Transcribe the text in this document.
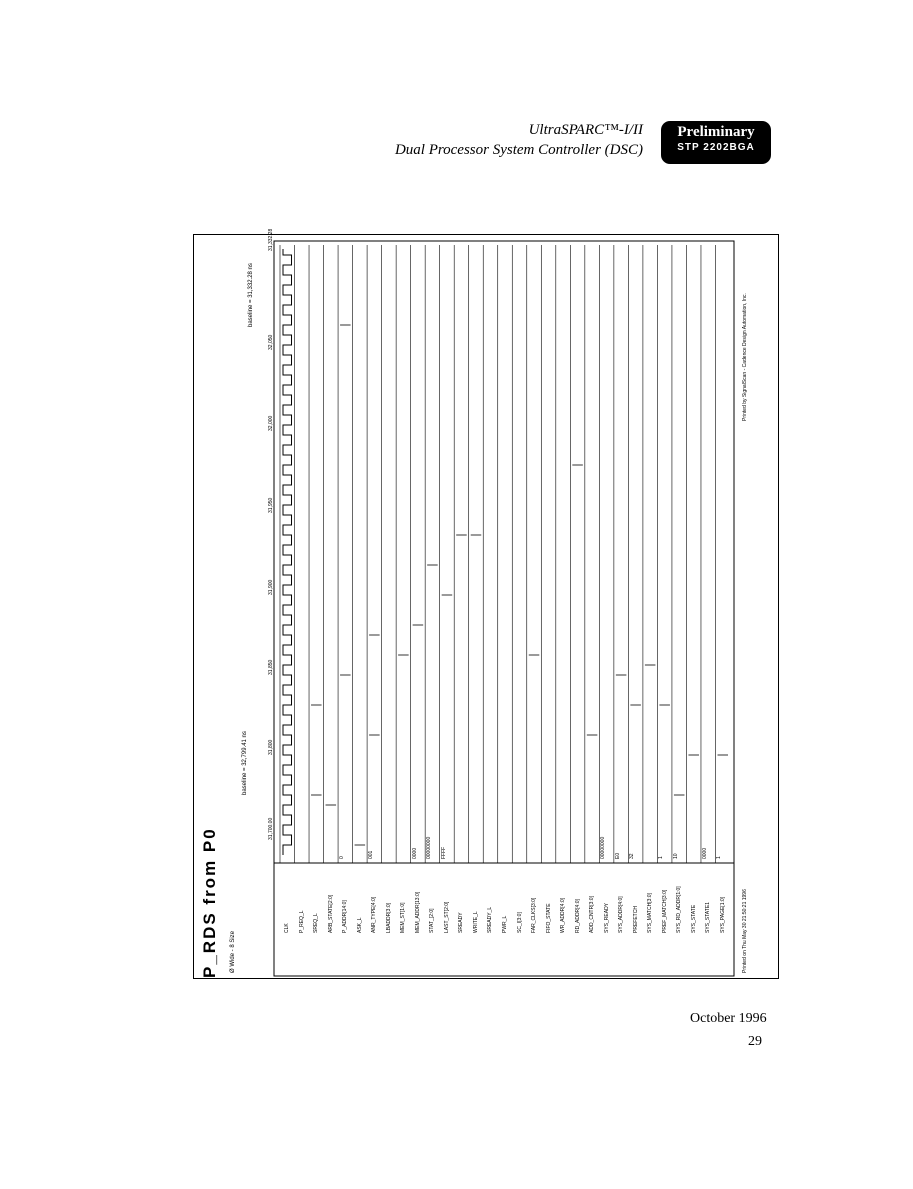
UltraSPARC™-I/II
Dual Processor System Controller (DSC)
Preliminary
STP 2202BGA
P_RDS from P0 Ø Wide - 8 Size
baseline = 32,799.41 ns
baseline = 31,332.28 ns
31,700.00
31,800
31,850
31,900
31,950
32,000
32,050
31,332.28
CLK P_REQ_L SREQ_L ARB_STATE[2:0] P_ADDR[14:0] ASK_L ANR_TYPE[4:0] LBADDR[3:0] MEM_ST[1:0] MEM_ADDR[13:0] STAT_[2:0] LAST_ST[2:0] SREADY WRITE_L SREADY_L PWR_L SC_I[3:0] FAR_CLKS[3:0] FIFO_STATE WR_ADDR[4:0] RD_ADDR[4:0] ADD_CNTR[3:0] SYS_READY SYS_ADDR[4:0] PREFETCH SYS_MATCH[3:0] PREF_MATCH[3:0] SYS_RD_ADDR[1:0] SYS_STATE SYS_STATE1 SYS_PAGE[1:0]
0	001	0000 00000000 FFFF	00000000 E0 32	1 10	0000 1
Printed on Thu May 30 21:50:21 1996
Printed by SignalScan - Cadence Design Automation, Inc.
October 1996
29
